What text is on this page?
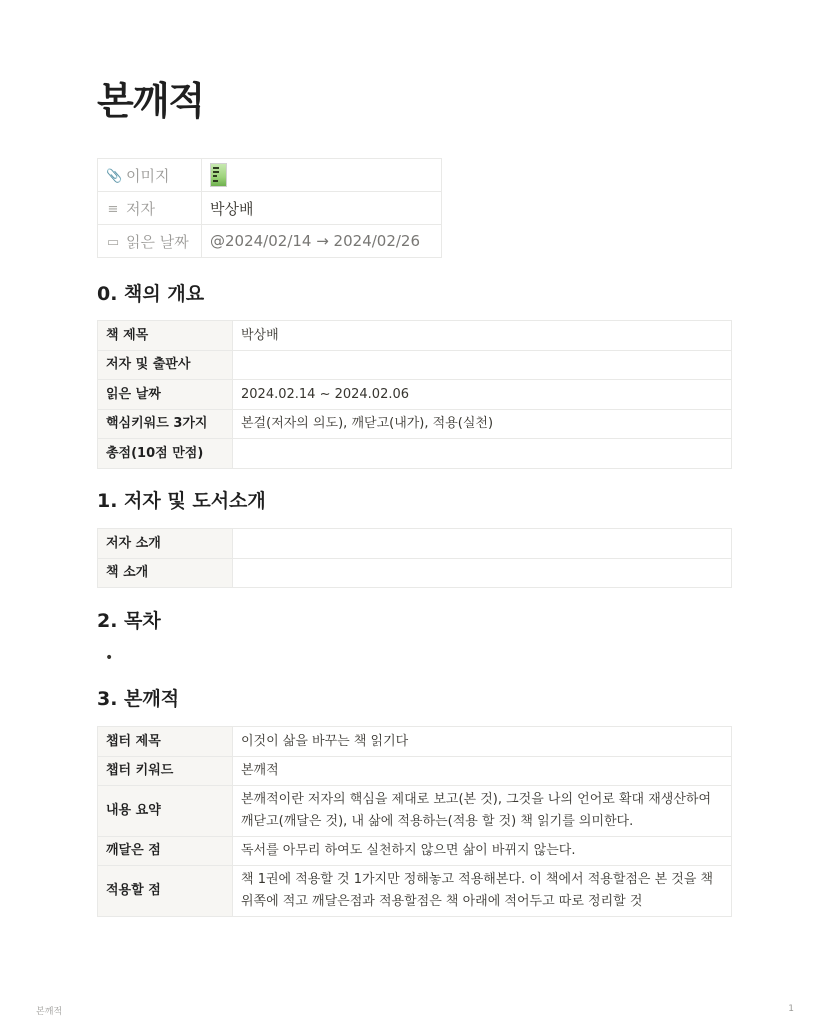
본깨적
📎 이미지	

≡ 저자	박상배
▭ 읽은 날짜	@2024/02/14 → 2024/02/26
0. 책의 개요
책 제목	박상배
저자 및 출판사	
읽은 날짜	2024.02.14 ~ 2024.02.06
핵심키워드 3가지	본걸(저자의 의도), 깨닫고(내가), 적용(실천)
총점(10점 만점)	
1. 저자 및 도서소개
저자 소개	
책 소개	
2. 목차
•
3. 본깨적
챕터 제목	이것이 삶을 바꾸는 책 읽기다
챕터 키워드	본깨적
내용 요약	본깨적이란 저자의 핵심을 제대로 보고(본 것), 그것을 나의 언어로 확대 재생산하여 깨닫고(깨달은 것), 내 삶에 적용하는(적용 할 것) 책 읽기를 의미한다.
깨달은 점	독서를 아무리 하여도 실천하지 않으면 삶이 바뀌지 않는다.
적용할 점	책 1권에 적용할 것 1가지만 정해놓고 적용해본다. 이 책에서 적용할점은 본 것을 책 위쪽에 적고 깨달은점과 적용할점은 책 아래에 적어두고 따로 정리할 것
본깨적	1
